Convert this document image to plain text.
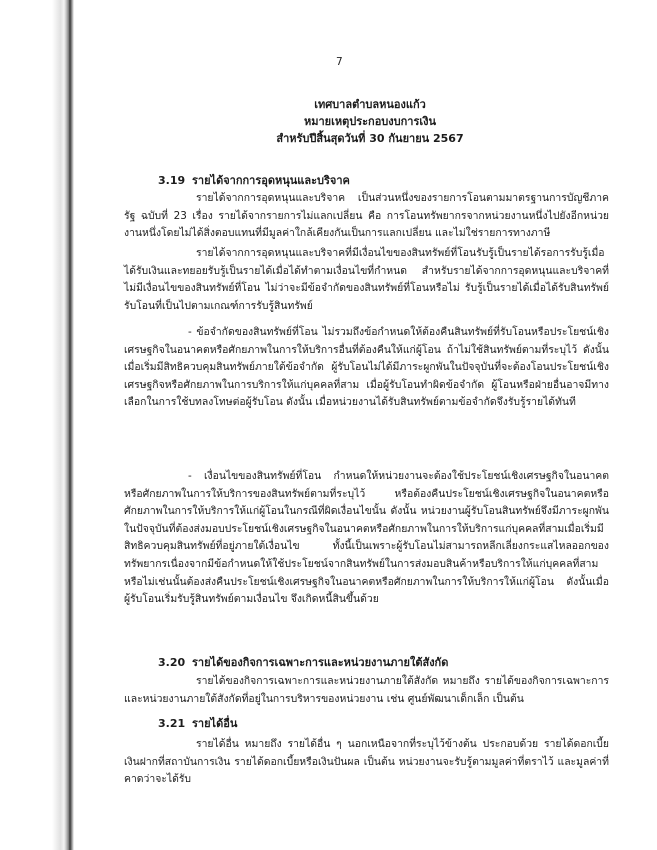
7
เทศบาลตำบลหนองแก้ว
หมายเหตุประกอบงบการเงิน
สำหรับปีสิ้นสุดวันที่ 30 กันยายน 2567
3.19 รายได้จากการอุดหนุนและบริจาค
รายได้จากการอุดหนุนและบริจาค เป็นส่วนหนึ่งของรายการโอนตามมาตรฐานการบัญชีภาครัฐ ฉบับที่ 23 เรื่อง รายได้จากรายการไม่แลกเปลี่ยน คือ การโอนทรัพยากรจากหน่วยงานหนึ่งไปยังอีกหน่วยงานหนึ่งโดยไม่ได้สิ่งตอบแทนที่มีมูลค่าใกล้เคียงกันเป็นการแลกเปลี่ยน และไม่ใช่รายการทางภาษี
รายได้จากการอุดหนุนและบริจาคที่มีเงื่อนไขของสินทรัพย์ที่โอนรับรู้เป็นรายได้รอการรับรู้เมื่อได้รับเงินและทยอยรับรู้เป็นรายได้เมื่อได้ทำตามเงื่อนไขที่กำหนด สำหรับรายได้จากการอุดหนุนและบริจาคที่ไม่มีเงื่อนไขของสินทรัพย์ที่โอน ไม่ว่าจะมีข้อจำกัดของสินทรัพย์ที่โอนหรือไม่ รับรู้เป็นรายได้เมื่อได้รับสินทรัพย์รับโอนที่เป็นไปตามเกณฑ์การรับรู้สินทรัพย์
- ข้อจำกัดของสินทรัพย์ที่โอน ไม่รวมถึงข้อกำหนดให้ต้องคืนสินทรัพย์ที่รับโอนหรือประโยชน์เชิงเศรษฐกิจในอนาคตหรือศักยภาพในการให้บริการอื่นที่ต้องคืนให้แก่ผู้โอน ถ้าไม่ใช้สินทรัพย์ตามที่ระบุไว้ ดังนั้น เมื่อเริ่มมีสิทธิควบคุมสินทรัพย์ภายใต้ข้อจำกัด ผู้รับโอนไม่ได้มีภาระผูกพันในปัจจุบันที่จะต้องโอนประโยชน์เชิงเศรษฐกิจหรือศักยภาพในการบริการให้แก่บุคคลที่สาม เมื่อผู้รับโอนทำผิดข้อจำกัด ผู้โอนหรือฝ่ายอื่นอาจมีทางเลือกในการใช้บทลงโทษต่อผู้รับโอน ดังนั้น เมื่อหน่วยงานได้รับสินทรัพย์ตามข้อจำกัดจึงรับรู้รายได้ทันที
- เงื่อนไขของสินทรัพย์ที่โอน กำหนดให้หน่วยงานจะต้องใช้ประโยชน์เชิงเศรษฐกิจในอนาคตหรือศักยภาพในการให้บริการของสินทรัพย์ตามที่ระบุไว้ หรือต้องคืนประโยชน์เชิงเศรษฐกิจในอนาคตหรือศักยภาพในการให้บริการให้แก่ผู้โอนในกรณีที่ผิดเงื่อนไขนั้น ดังนั้น หน่วยงานผู้รับโอนสินทรัพย์จึงมีภาระผูกพันในปัจจุบันที่ต้องส่งมอบประโยชน์เชิงเศรษฐกิจในอนาคตหรือศักยภาพในการให้บริการแก่บุคคลที่สามเมื่อเริ่มมีสิทธิควบคุมสินทรัพย์ที่อยู่ภายใต้เงื่อนไข ทั้งนี้เป็นเพราะผู้รับโอนไม่สามารถหลีกเลี่ยงกระแสไหลออกของทรัพยากรเนื่องจากมีข้อกำหนดให้ใช้ประโยชน์จากสินทรัพย์ในการส่งมอบสินค้าหรือบริการให้แก่บุคคลที่สาม หรือไม่เช่นนั้นต้องส่งคืนประโยชน์เชิงเศรษฐกิจในอนาคตหรือศักยภาพในการให้บริการให้แก่ผู้โอน ดังนั้นเมื่อผู้รับโอนเริ่มรับรู้สินทรัพย์ตามเงื่อนไข จึงเกิดหนี้สินขึ้นด้วย
3.20 รายได้ของกิจการเฉพาะการและหน่วยงานภายใต้สังกัด
รายได้ของกิจการเฉพาะการและหน่วยงานภายใต้สังกัด หมายถึง รายได้ของกิจการเฉพาะการและหน่วยงานภายใต้สังกัดที่อยู่ในการบริหารของหน่วยงาน เช่น ศูนย์พัฒนาเด็กเล็ก เป็นต้น
3.21 รายได้อื่น
รายได้อื่น หมายถึง รายได้อื่น ๆ นอกเหนือจากที่ระบุไว้ข้างต้น ประกอบด้วย รายได้ดอกเบี้ยเงินฝากที่สถาบันการเงิน รายได้ดอกเบี้ยหรือเงินปันผล เป็นต้น หน่วยงานจะรับรู้ตามมูลค่าที่ตราไว้ และมูลค่าที่คาดว่าจะได้รับ
